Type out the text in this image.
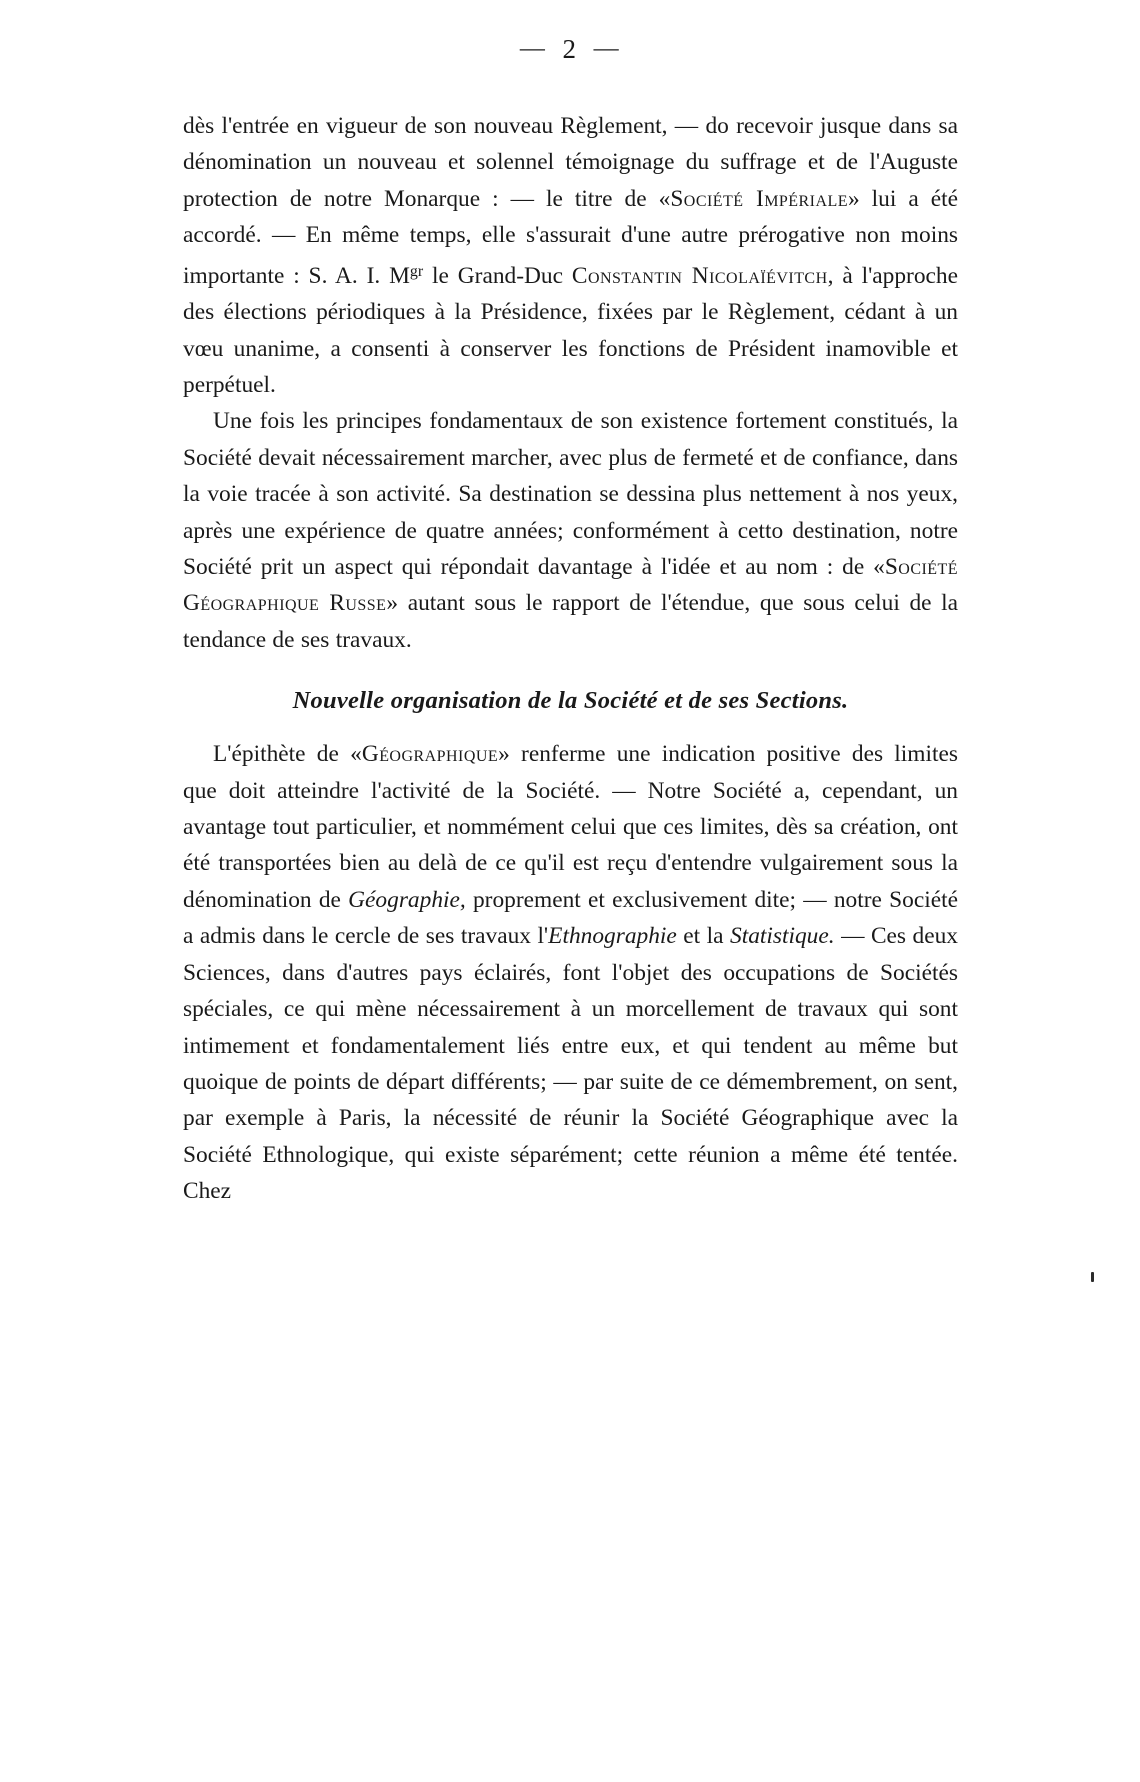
— 2 —

dès l'entrée en vigueur de son nouveau Règlement, — do recevoir jusque dans sa dénomination un nouveau et solennel témoignage du suffrage et de l'Auguste protection de notre Monarque : — le titre de «Société Impériale» lui a été accordé. — En même temps, elle s'assurait d'une autre prérogative non moins importante : S. A. I. $M^{gr}$ le Grand-Duc Constantin Nicolaïévitch, à l'approche des élections périodiques à la Présidence, fixées par le Règlement, cédant à un vœu unanime, a consenti à conserver les fonctions de Président inamovible et perpétuel.

Une fois les principes fondamentaux de son existence fortement constitués, la Société devait nécessairement marcher, avec plus de fermeté et de confiance, dans la voie tracée à son activité. Sa destination se dessina plus nettement à nos yeux, après une expérience de quatre années; conformément à cetto destination, notre Société prit un aspect qui répondait davantage à l'idée et au nom : de «Société Géographique Russe» autant sous le rapport de l'étendue, que sous celui de la tendance de ses travaux.

Nouvelle organisation de la Société et de ses Sections.

L'épithète de «Géographique» renferme une indication positive des limites que doit atteindre l'activité de la Société. — Notre Société a, cependant, un avantage tout particulier, et nommément celui que ces limites, dès sa création, ont été transportées bien au delà de ce qu'il est reçu d'entendre vulgairement sous la dénomination de Géographie, proprement et exclusivement dite; — notre Société a admis dans le cercle de ses travaux l'Ethnographie et la Statistique. — Ces deux Sciences, dans d'autres pays éclairés, font l'objet des occupations de Sociétés spéciales, ce qui mène nécessairement à un morcellement de travaux qui sont intimement et fondamentalement liés entre eux, et qui tendent au même but quoique de points de départ différents; — par suite de ce démembrement, on sent, par exemple à Paris, la nécessité de réunir la Société Géographique avec la Société Ethnologique, qui existe séparément; cette réunion a même été tentée. Chez
